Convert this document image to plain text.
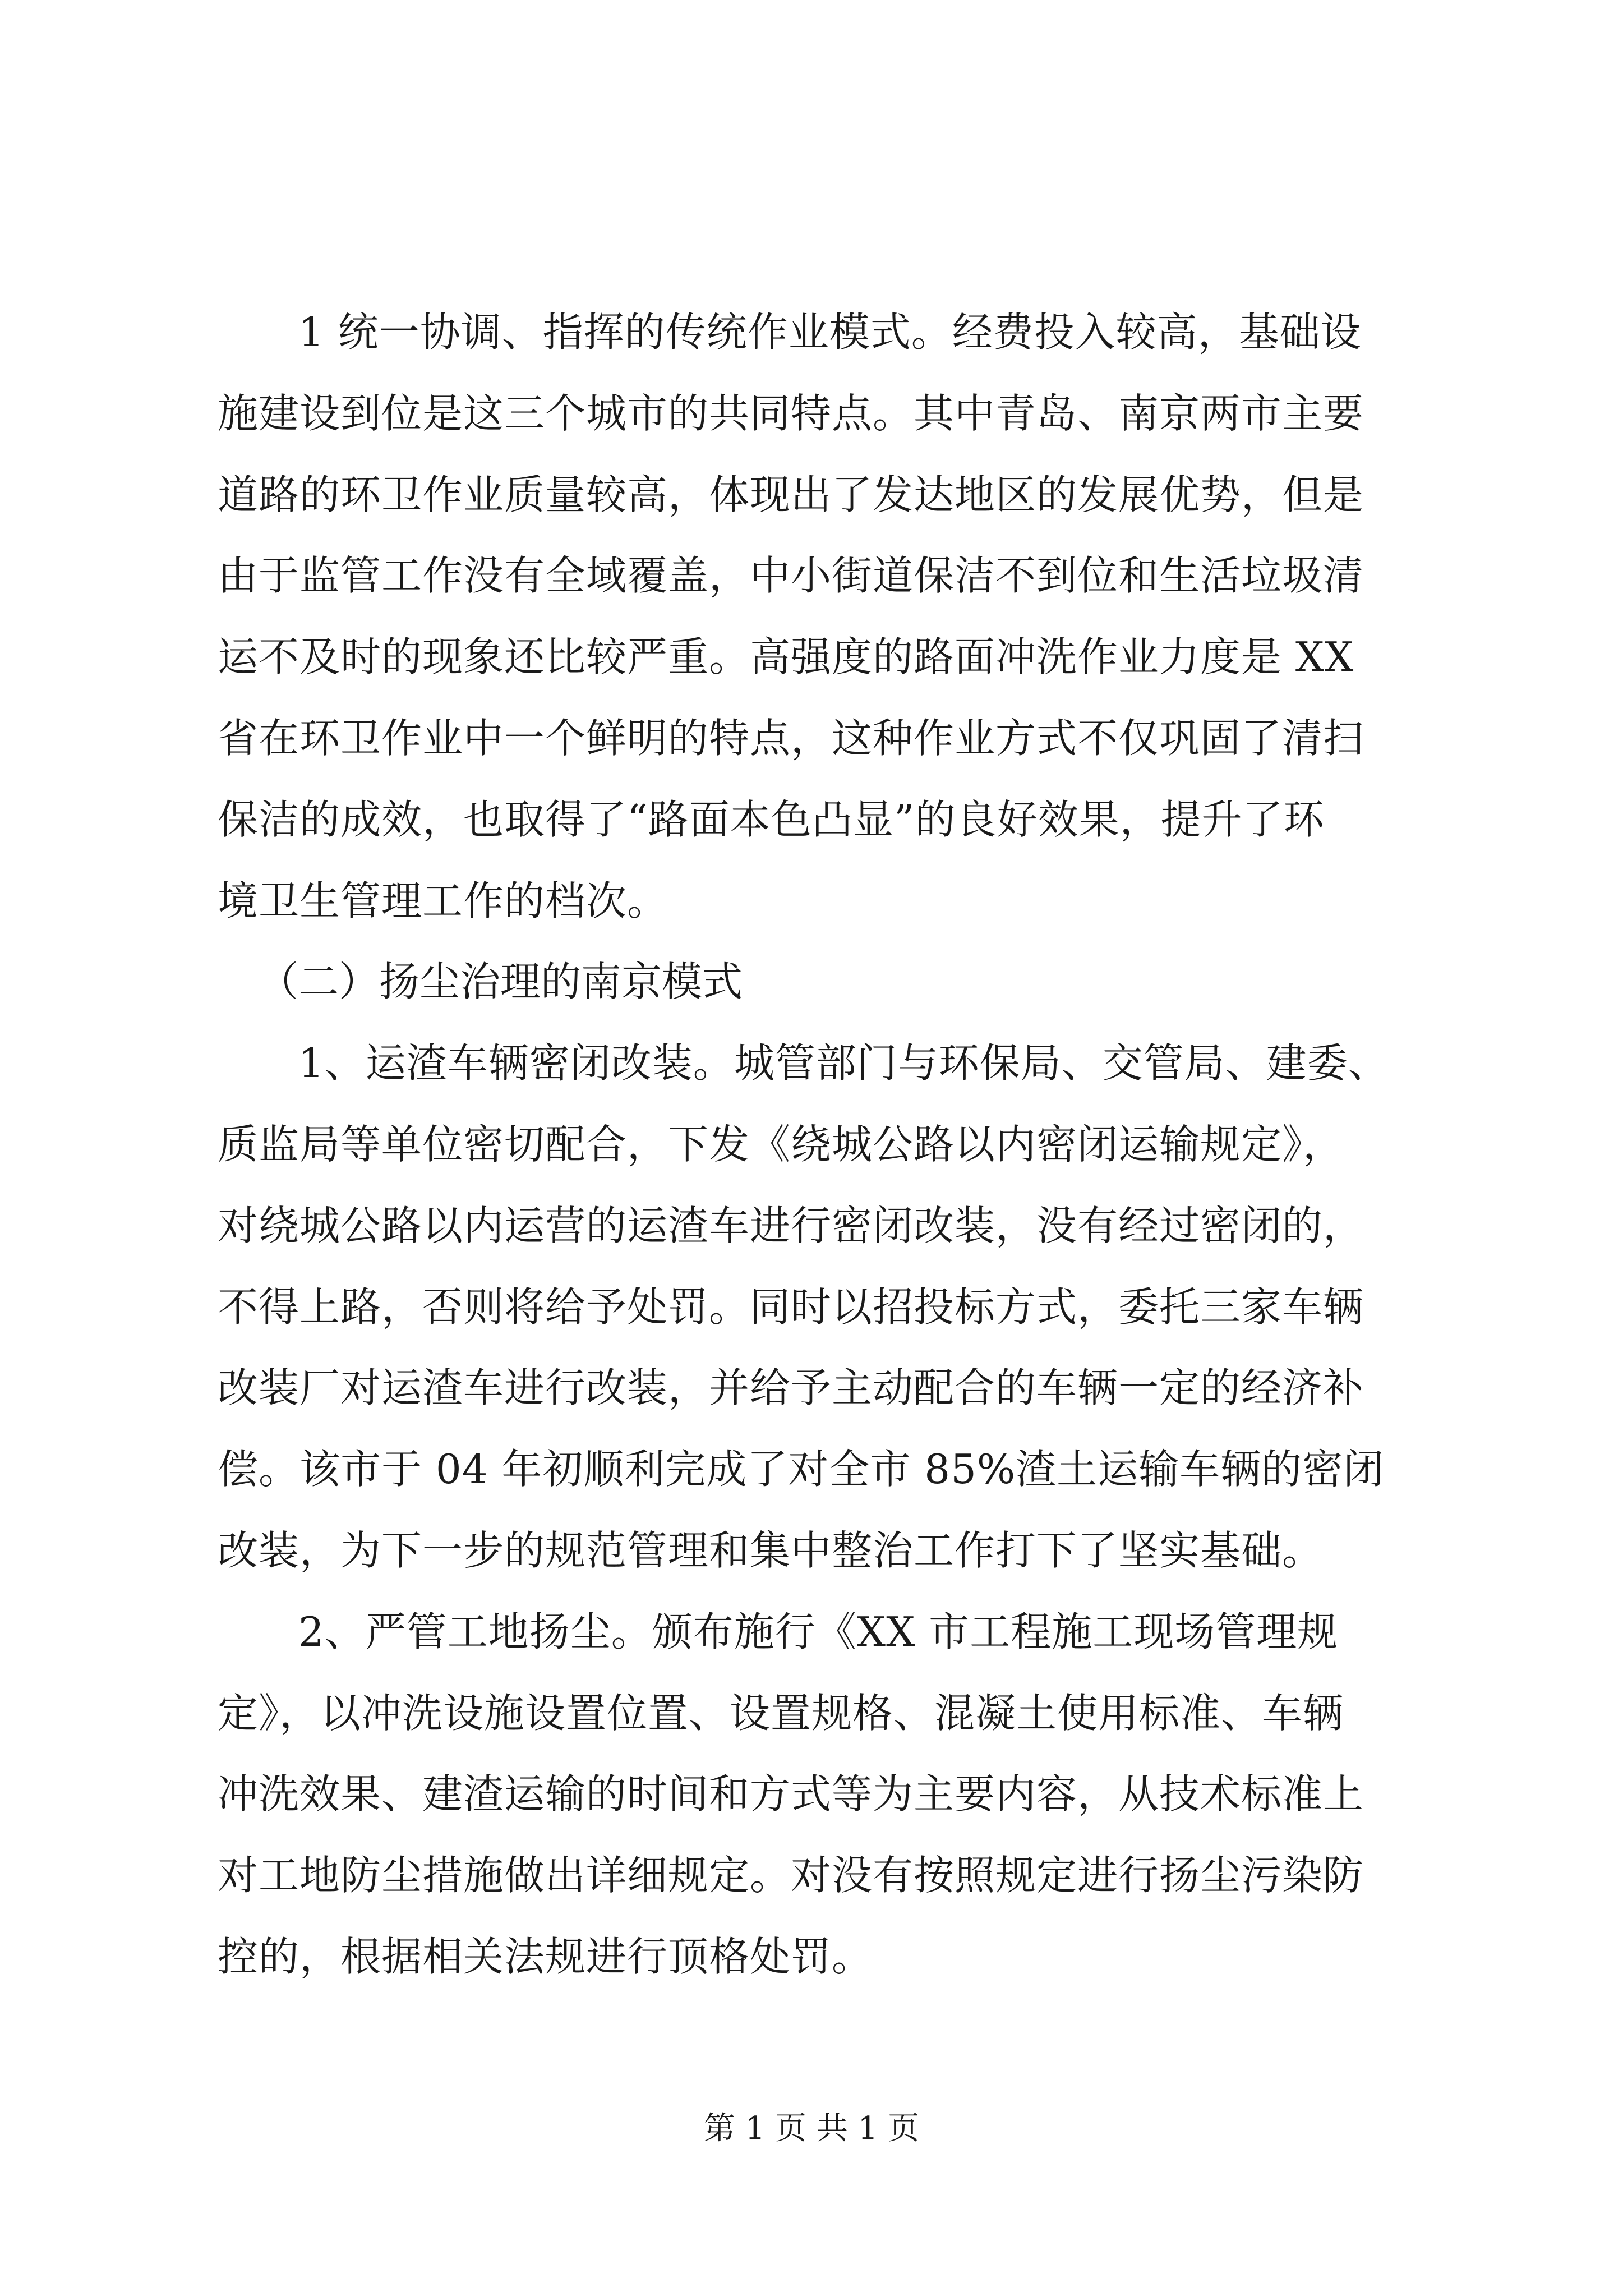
1 统一协调、指挥的传统作业模式。经费投入较高，基础设
施建设到位是这三个城市的共同特点。其中青岛、南京两市主要
道路的环卫作业质量较高，体现出了发达地区的发展优势，但是
由于监管工作没有全域覆盖，中小街道保洁不到位和生活垃圾清
运不及时的现象还比较严重。高强度的路面冲洗作业力度是 XX
省在环卫作业中一个鲜明的特点，这种作业方式不仅巩固了清扫
保洁的成效，也取得了“路面本色凸显”的良好效果，提升了环
境卫生管理工作的档次。

（二）扬尘治理的南京模式

1、运渣车辆密闭改装。城管部门与环保局、交管局、建委、
质监局等单位密切配合，下发《绕城公路以内密闭运输规定》，
对绕城公路以内运营的运渣车进行密闭改装，没有经过密闭的，
不得上路，否则将给予处罚。同时以招投标方式，委托三家车辆
改装厂对运渣车进行改装，并给予主动配合的车辆一定的经济补
偿。该市于 04 年初顺利完成了对全市 85%渣土运输车辆的密闭
改装，为下一步的规范管理和集中整治工作打下了坚实基础。

2、严管工地扬尘。颁布施行《XX 市工程施工现场管理规
定》，以冲洗设施设置位置、设置规格、混凝土使用标准、车辆
冲洗效果、建渣运输的时间和方式等为主要内容，从技术标准上
对工地防尘措施做出详细规定。对没有按照规定进行扬尘污染防
控的，根据相关法规进行顶格处罚。

第 1 页 共 1 页
